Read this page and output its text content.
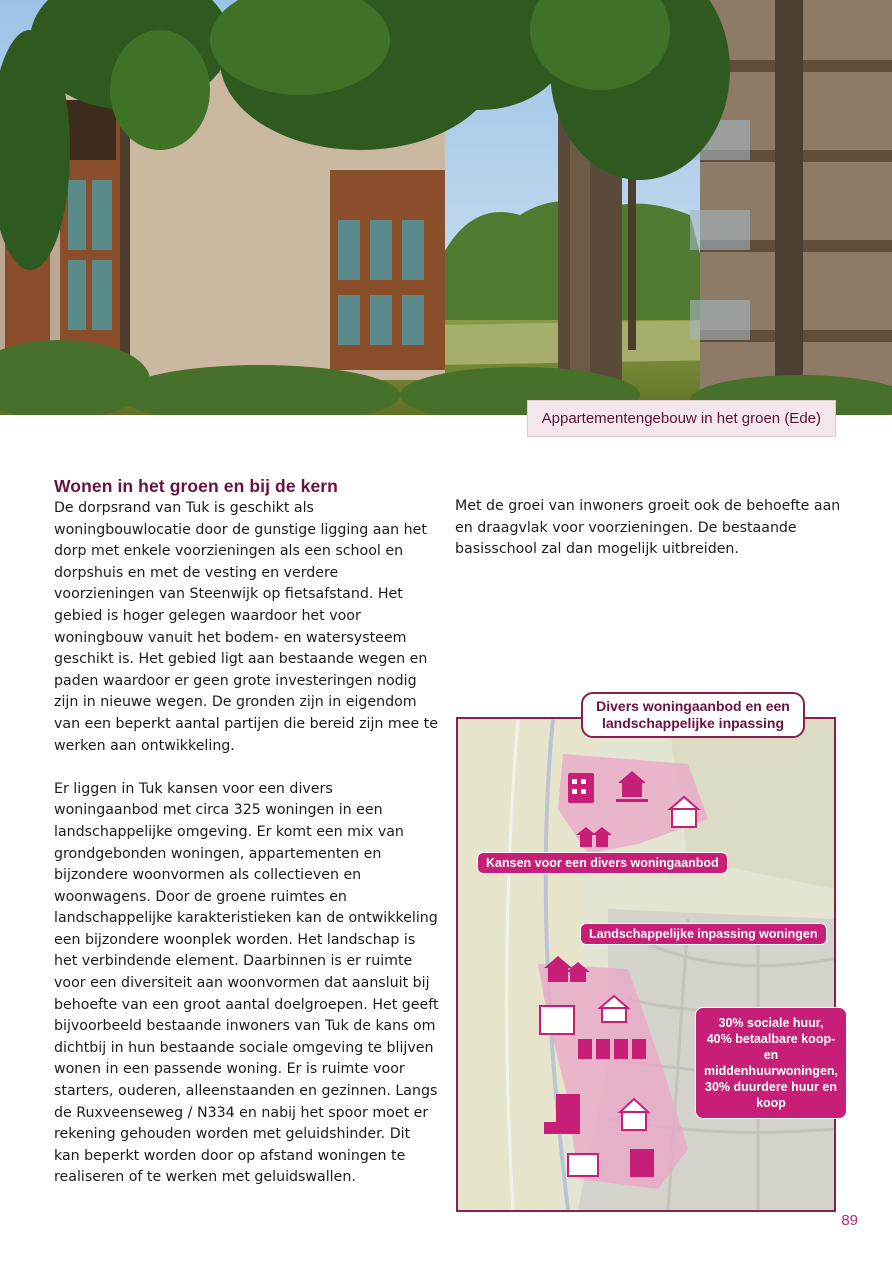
Appartementengebouw in het groen (Ede)
Wonen in het groen en bij de kern

De dorpsrand van Tuk is geschikt als woningbouwlocatie door de gunstige ligging aan het dorp met enkele voorzieningen als een school en dorpshuis en met de vesting en verdere voorzieningen van Steenwijk op fietsafstand. Het gebied is hoger gelegen waardoor het voor woningbouw vanuit het bodem- en watersysteem geschikt is. Het gebied ligt aan bestaande wegen en paden waardoor er geen grote investeringen nodig zijn in nieuwe wegen. De gronden zijn in eigendom van een beperkt aantal partijen die bereid zijn mee te werken aan ontwikkeling.

Er liggen in Tuk kansen voor een divers woningaanbod met circa 325 woningen in een landschappelijke omgeving. Er komt een mix van grondgebonden woningen, appartementen en bijzondere woonvormen als collectieven en woonwagens. Door de groene ruimtes en landschappelijke karakteristieken kan de ontwikkeling een bijzondere woonplek worden. Het landschap is het verbindende element. Daarbinnen is er ruimte voor een diversiteit aan woonvormen dat aansluit bij behoefte van een groot aantal doelgroepen. Het geeft bijvoorbeeld bestaande inwoners van Tuk de kans om dichtbij in hun bestaande sociale omgeving te blijven wonen in een passende woning. Er is ruimte voor starters, ouderen, alleenstaanden en gezinnen. Langs de Ruxveenseweg / N334 en nabij het spoor moet er rekening gehouden worden met geluidshinder. Dit kan beperkt worden door op afstand woningen te realiseren of te werken met geluidswallen.

Met de groei van inwoners groeit ook de behoefte aan en draagvlak voor voorzieningen. De bestaande basisschool zal dan mogelijk uitbreiden.

Divers woningaanbod en een
landschappelijke inpassing
Kansen voor een divers woningaanbod
Landschappelijke inpassing woningen
30% sociale huur,
40% betaalbare koop- en
middenhuurwoningen,
30% duurdere huur en koop
89
